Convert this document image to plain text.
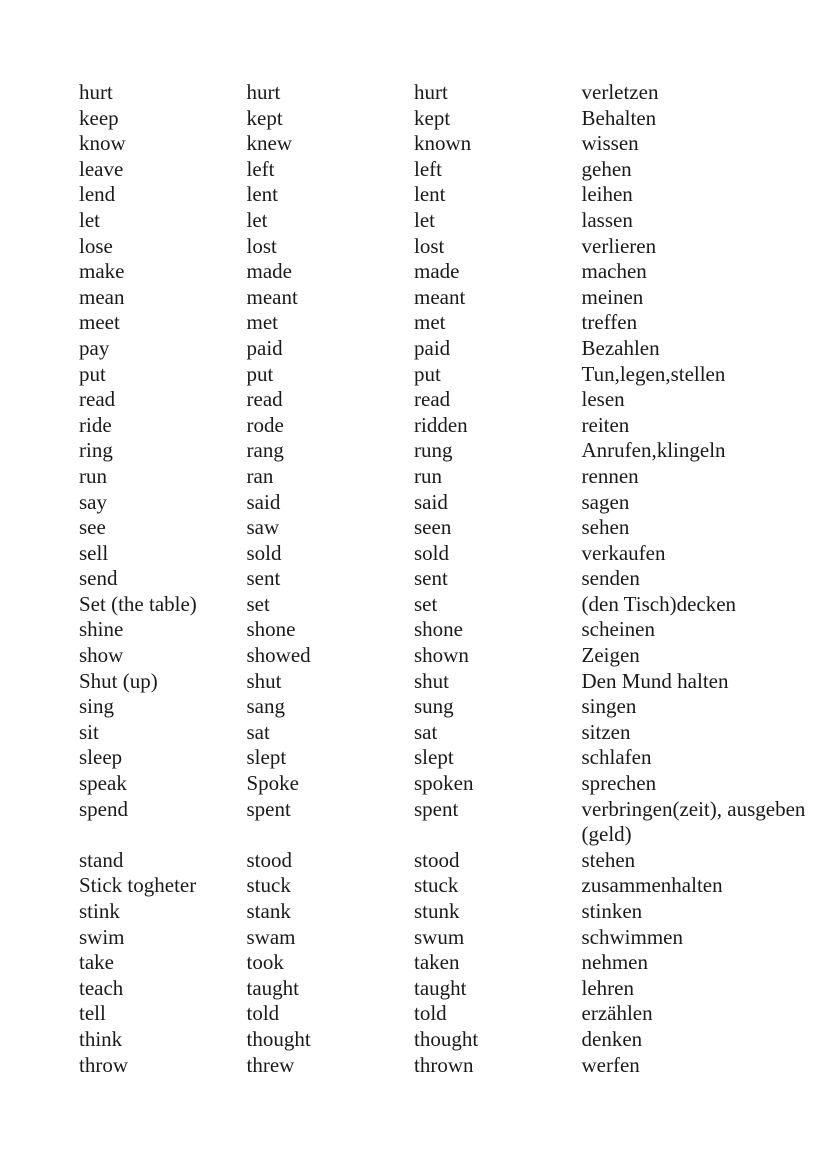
hurt	hurt	hurt	verletzen
keep	kept	kept	Behalten
know	knew	known	wissen
leave	left	left	gehen
lend	lent	lent	leihen
let	let	let	lassen
lose	lost	lost	verlieren
make	made	made	machen
mean	meant	meant	meinen
meet	met	met	treffen
pay	paid	paid	Bezahlen
put	put	put	Tun,legen,stellen
read	read	read	lesen
ride	rode	ridden	reiten
ring	rang	rung	Anrufen,klingeln
run	ran	run	rennen
say	said	said	sagen
see	saw	seen	sehen
sell	sold	sold	verkaufen
send	sent	sent	senden
Set (the table)	set	set	(den Tisch)decken
shine	shone	shone	scheinen
show	showed	shown	Zeigen
Shut (up)	shut	shut	Den Mund halten
sing	sang	sung	singen
sit	sat	sat	sitzen
sleep	slept	slept	schlafen
speak	Spoke	spoken	sprechen
spend	spent	spent	verbringen(zeit), ausgeben (geld)
stand	stood	stood	stehen
Stick togheter	stuck	stuck	zusammenhalten
stink	stank	stunk	stinken
swim	swam	swum	schwimmen
take	took	taken	nehmen
teach	taught	taught	lehren
tell	told	told	erzählen
think	thought	thought	denken
throw	threw	thrown	werfen
